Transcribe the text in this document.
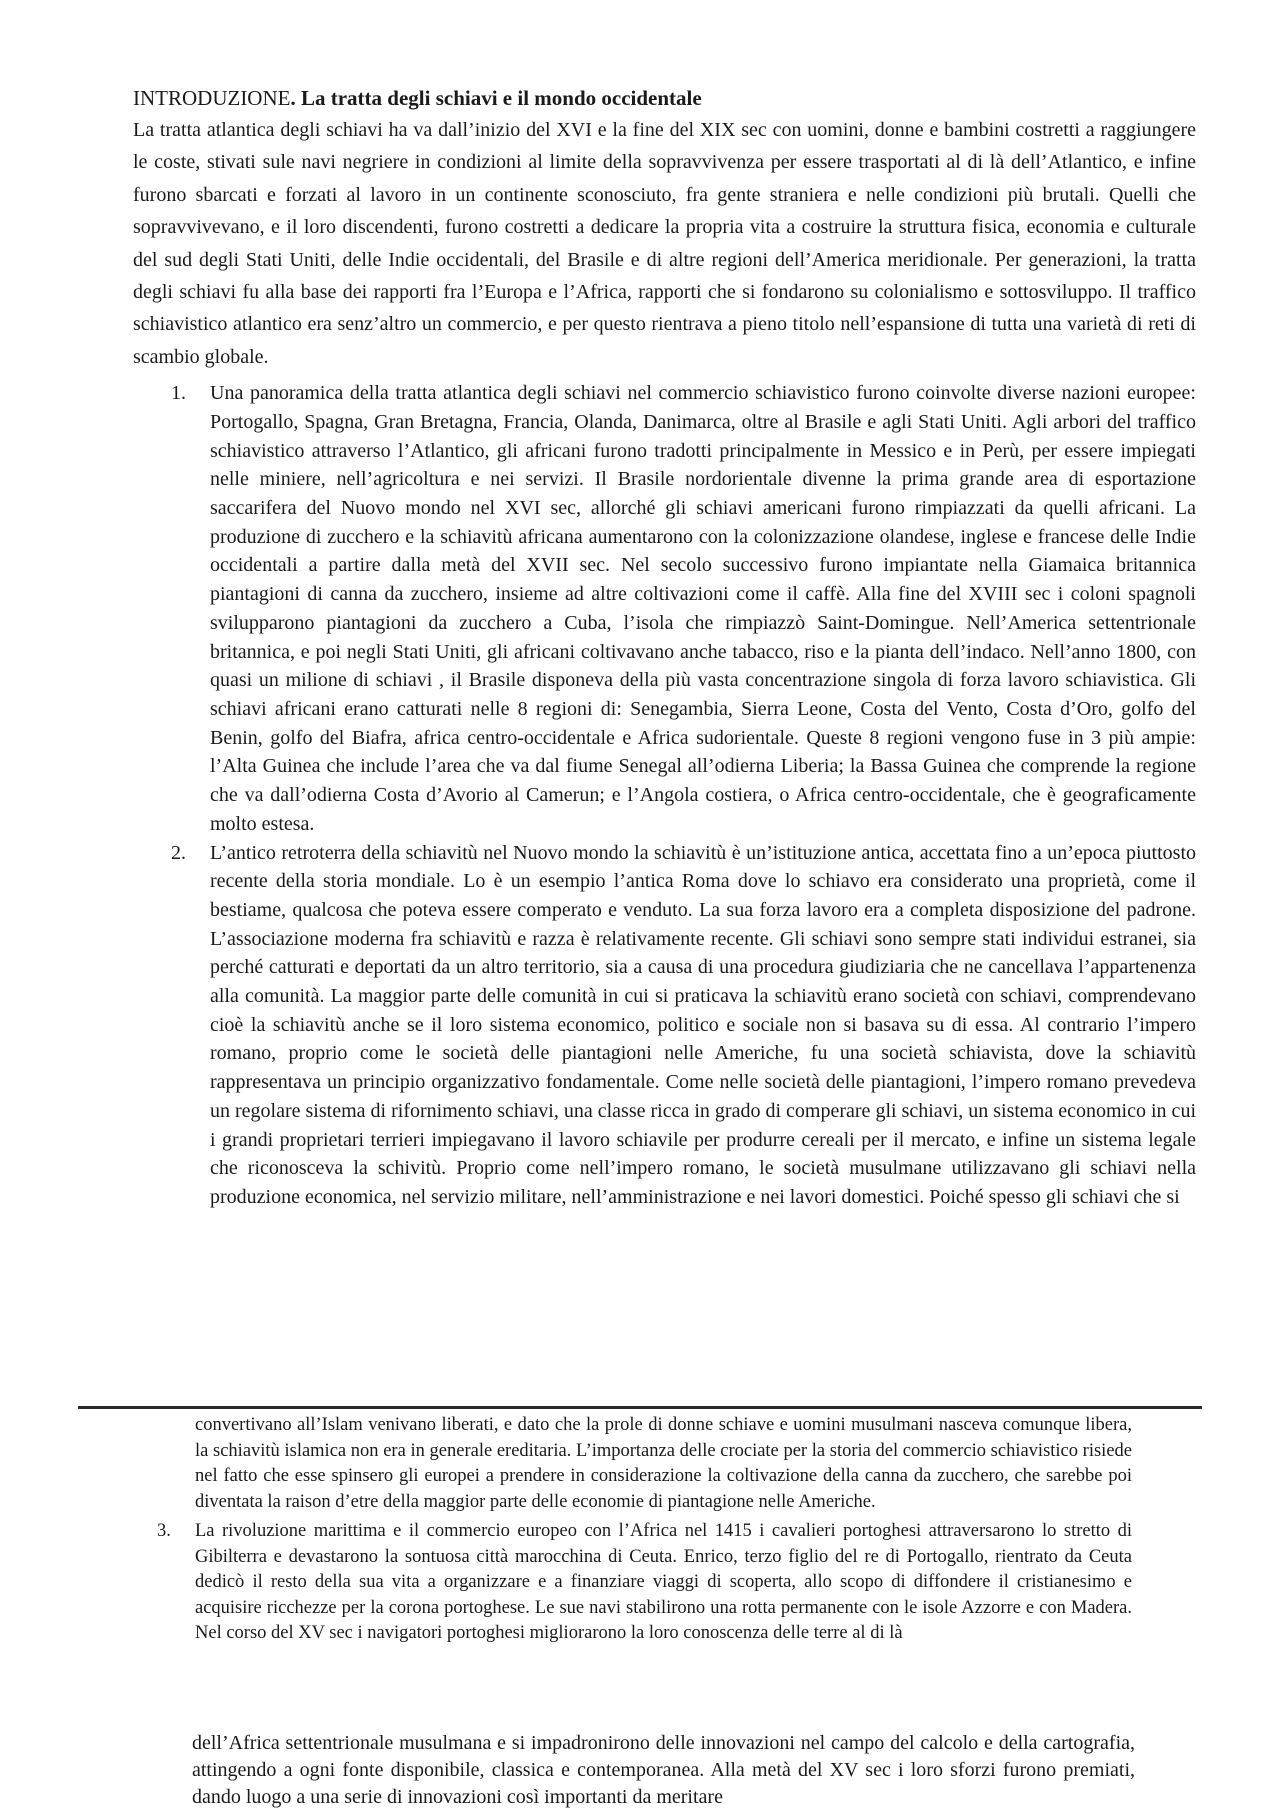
INTRODUZIONE. La tratta degli schiavi e il mondo occidentale

La tratta atlantica degli schiavi ha va dall’inizio del XVI e la fine del XIX sec con uomini, donne e bambini costretti a raggiungere le coste, stivati sule navi negriere in condizioni al limite della sopravvivenza per essere trasportati al di là dell’Atlantico, e infine furono sbarcati e forzati al lavoro in un continente sconosciuto, fra gente straniera e nelle condizioni più brutali. Quelli che sopravvivevano, e il loro discendenti, furono costretti a dedicare la propria vita a costruire la struttura fisica, economia e culturale del sud degli Stati Uniti, delle Indie occidentali, del Brasile e di altre regioni dell’America meridionale. Per generazioni, la tratta degli schiavi fu alla base dei rapporti fra l’Europa e l’Africa, rapporti che si fondarono su colonialismo e sottosviluppo. Il traffico schiavistico atlantico era senz’altro un commercio, e per questo rientrava a pieno titolo nell’espansione di tutta una varietà di reti di scambio globale.

1. Una panoramica della tratta atlantica degli schiavi nel commercio schiavistico furono coinvolte diverse nazioni europee: Portogallo, Spagna, Gran Bretagna, Francia, Olanda, Danimarca, oltre al Brasile e agli Stati Uniti. Agli arbori del traffico schiavistico attraverso l’Atlantico, gli africani furono tradotti principalmente in Messico e in Perù, per essere impiegati nelle miniere, nell’agricoltura e nei servizi. Il Brasile nordorientale divenne la prima grande area di esportazione saccarifera del Nuovo mondo nel XVI sec, allorché gli schiavi americani furono rimpiazzati da quelli africani. La produzione di zucchero e la schiavitù africana aumentarono con la colonizzazione olandese, inglese e francese delle Indie occidentali a partire dalla metà del XVII sec. Nel secolo successivo furono impiantate nella Giamaica britannica piantagioni di canna da zucchero, insieme ad altre coltivazioni come il caffè. Alla fine del XVIII sec i coloni spagnoli svilupparono piantagioni da zucchero a Cuba, l’isola che rimpiazzò Saint-Domingue. Nell’America settentrionale britannica, e poi negli Stati Uniti, gli africani coltivavano anche tabacco, riso e la pianta dell’indaco. Nell’anno 1800, con quasi un milione di schiavi , il Brasile disponeva della più vasta concentrazione singola di forza lavoro schiavistica. Gli schiavi africani erano catturati nelle 8 regioni di: Senegambia, Sierra Leone, Costa del Vento, Costa d’Oro, golfo del Benin, golfo del Biafra, africa centro-occidentale e Africa sudorientale. Queste 8 regioni vengono fuse in 3 più ampie: l’Alta Guinea che include l’area che va dal fiume Senegal all’odierna Liberia; la Bassa Guinea che comprende la regione che va dall’odierna Costa d’Avorio al Camerun; e l’Angola costiera, o Africa centro-occidentale, che è geograficamente molto estesa.
2. L’antico retroterra della schiavitù nel Nuovo mondo la schiavitù è un’istituzione antica, accettata fino a un’epoca piuttosto recente della storia mondiale. Lo è un esempio l’antica Roma dove lo schiavo era considerato una proprietà, come il bestiame, qualcosa che poteva essere comperato e venduto. La sua forza lavoro era a completa disposizione del padrone. L’associazione moderna fra schiavitù e razza è relativamente recente. Gli schiavi sono sempre stati individui estranei, sia perché catturati e deportati da un altro territorio, sia a causa di una procedura giudiziaria che ne cancellava l’appartenenza alla comunità. La maggior parte delle comunità in cui si praticava la schiavitù erano società con schiavi, comprendevano cioè la schiavitù anche se il loro sistema economico, politico e sociale non si basava su di essa. Al contrario l’impero romano, proprio come le società delle piantagioni nelle Americhe, fu una società schiavista, dove la schiavitù rappresentava un principio organizzativo fondamentale. Come nelle società delle piantagioni, l’impero romano prevedeva un regolare sistema di rifornimento schiavi, una classe ricca in grado di comperare gli schiavi, un sistema economico in cui i grandi proprietari terrieri impiegavano il lavoro schiavile per produrre cereali per il mercato, e infine un sistema legale che riconosceva la schivitù. Proprio come nell’impero romano, le società musulmane utilizzavano gli schiavi nella produzione economica, nel servizio militare, nell’amministrazione e nei lavori domestici. Poiché spesso gli schiavi che si

convertivano all’Islam venivano liberati, e dato che la prole di donne schiave e uomini musulmani nasceva comunque libera, la schiavitù islamica non era in generale ereditaria. L’importanza delle crociate per la storia del commercio schiavistico risiede nel fatto che esse spinsero gli europei a prendere in considerazione la coltivazione della canna da zucchero, che sarebbe poi diventata la raison d’etre della maggior parte delle economie di piantagione nelle Americhe.

3. La rivoluzione marittima e il commercio europeo con l’Africa nel 1415 i cavalieri portoghesi attraversarono lo stretto di Gibilterra e devastarono la sontuosa città marocchina di Ceuta. Enrico, terzo figlio del re di Portogallo, rientrato da Ceuta dedicò il resto della sua vita a organizzare e a finanziare viaggi di scoperta, allo scopo di diffondere il cristianesimo e acquisire ricchezze per la corona portoghese. Le sue navi stabilirono una rotta permanente con le isole Azzorre e con Madera. Nel corso del XV sec i navigatori portoghesi migliorarono la loro conoscenza delle terre al di là

dell’Africa settentrionale musulmana e si impadronirono delle innovazioni nel campo del calcolo e della cartografia, attingendo a ogni fonte disponibile, classica e contemporanea. Alla metà del XV sec i loro sforzi furono premiati, dando luogo a una serie di innovazioni così importanti da meritare
